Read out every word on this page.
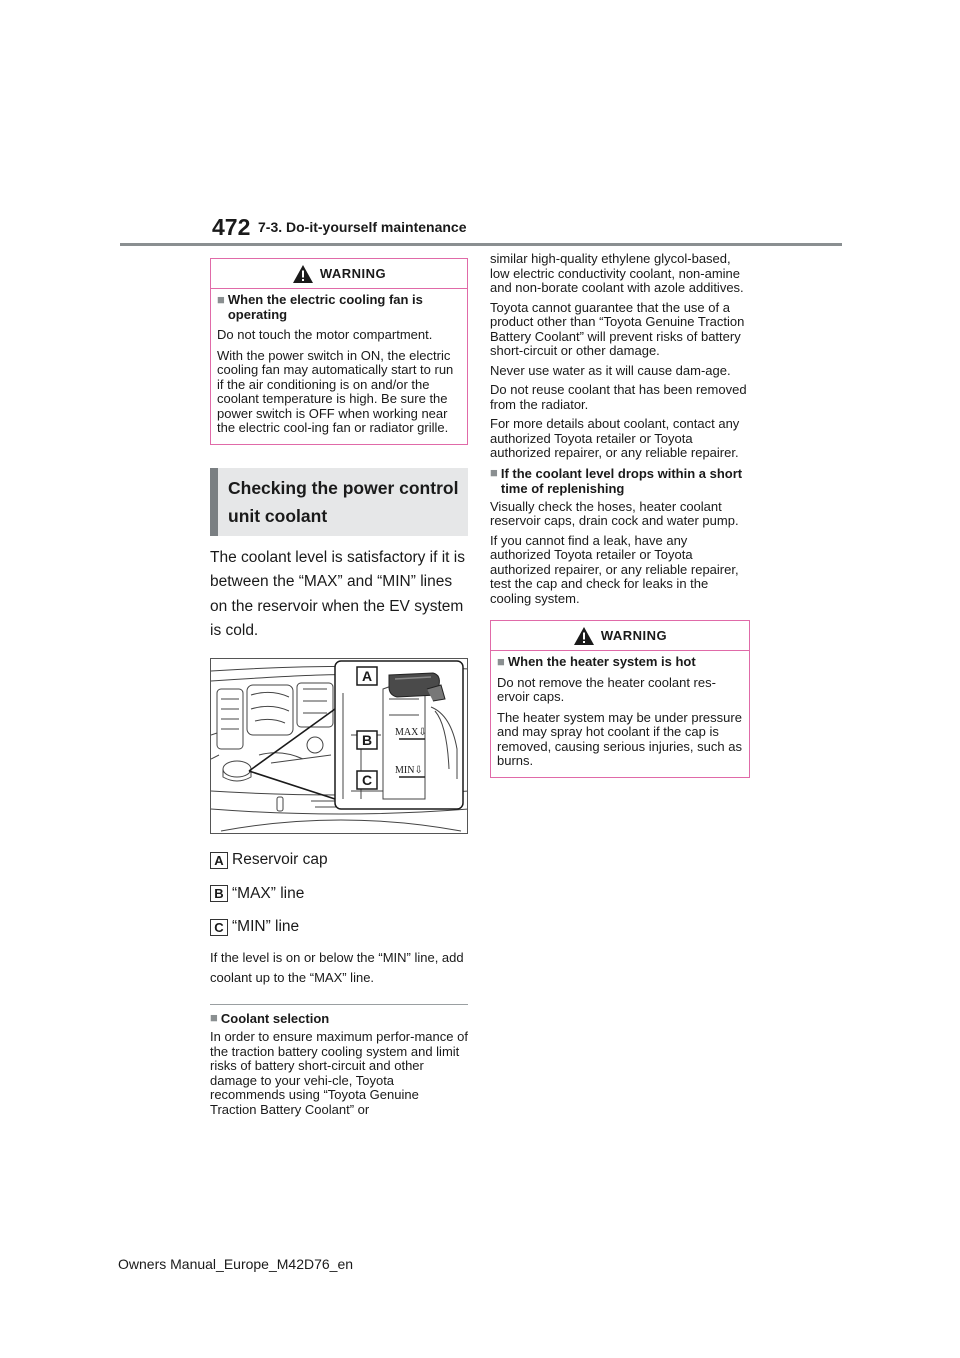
472 7-3. Do-it-yourself maintenance
WARNING
■ When the electric cooling fan is operating

Do not touch the motor compartment.

With the power switch in ON, the electric cooling fan may automatically start to run if the air conditioning is on and/or the coolant temperature is high. Be sure the power switch is OFF when working near the electric cool-ing fan or radiator grille.

Checking the power control
unit coolant

The coolant level is satisfactory if it is between the “MAX” and “MIN” lines on the reservoir when the EV system is cold.

A
B
C
MAX⇩
MIN⇩
A Reservoir cap
B “MAX” line
C “MIN” line

If the level is on or below the “MIN” line, add coolant up to the “MAX” line.

■ Coolant selection

In order to ensure maximum perfor-mance of the traction battery cooling system and limit risks of battery short-circuit and other damage to your vehi-cle, Toyota recommends using “Toyota Genuine Traction Battery Coolant” or

similar high-quality ethylene glycol-based, low electric conductivity coolant, non-amine and non-borate coolant with azole additives.

Toyota cannot guarantee that the use of a product other than “Toyota Genuine Traction Battery Coolant” will prevent risks of battery short-circuit or other damage.

Never use water as it will cause dam-age.

Do not reuse coolant that has been removed from the radiator.

For more details about coolant, contact any authorized Toyota retailer or Toyota authorized repairer, or any reliable repairer.

■ If the coolant level drops within a short time of replenishing

Visually check the hoses, heater coolant reservoir caps, drain cock and water pump.

If you cannot find a leak, have any authorized Toyota retailer or Toyota authorized repairer, or any reliable repairer, test the cap and check for leaks in the cooling system.

WARNING
■ When the heater system is hot

Do not remove the heater coolant res-ervoir caps.

The heater system may be under pressure and may spray hot coolant if the cap is removed, causing serious injuries, such as burns.

Owners Manual_Europe_M42D76_en
